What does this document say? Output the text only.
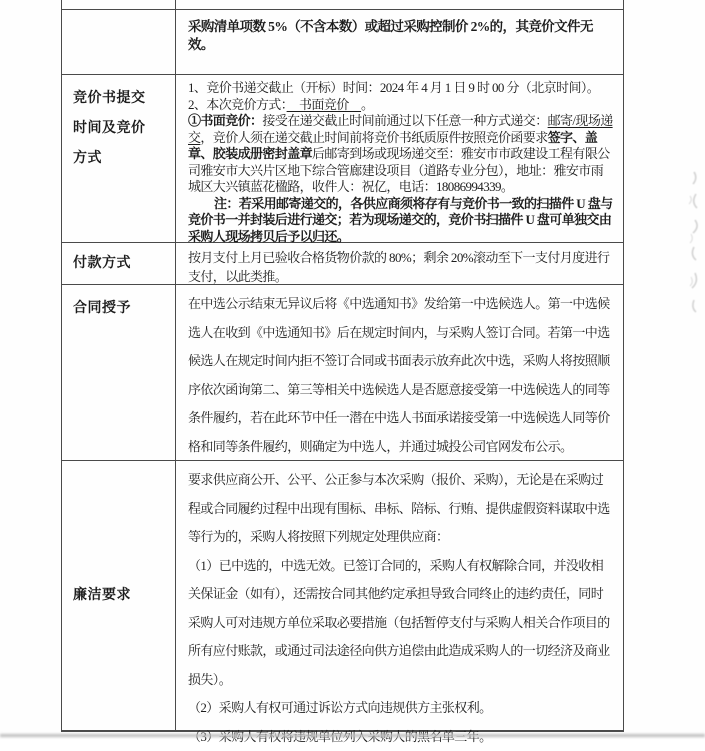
采购清单项数 5%（不含本数）或超过采购控制价 2%的，其竞价文件无效。

竞价书提交时间及竞价方式

1、竞价书递交截止（开标）时间：2024 年 4 月 1 日 9 时 00 分（北京时间）。

2、本次竞价方式：　书面竞价　。

①书面竞价：接受在递交截止时间前通过以下任意一种方式递交：邮寄/现场递交，竞价人须在递交截止时间前将竞价书纸质原件按照竞价函要求签字、盖章、胶装成册密封盖章后邮寄到场或现场递交至：雅安市市政建设工程有限公司雅安市大兴片区地下综合管廊建设项目（道路专业分包），地址：雅安市雨城区大兴镇蓝花楹路，收件人：祝亿，电话：18086994339。

注：若采用邮寄递交的，各供应商须将存有与竞价书一致的扫描件 U 盘与竞价书一并封装后进行递交；若为现场递交的，竞价书扫描件 U 盘可单独交由采购人现场拷贝后予以归还。

付款方式	按月支付上月已验收合格货物价款的 80%；剩余 20%滚动至下一支付月度进行支付，以此类推。

合同授予	在中选公示结束无异议后将《中选通知书》发给第一中选候选人。第一中选候选人在收到《中选通知书》后在规定时间内，与采购人签订合同。若第一中选候选人在规定时间内拒不签订合同或书面表示放弃此次中选，采购人将按照顺序依次函询第二、第三等相关中选候选人是否愿意接受第一中选候选人的同等条件履约，若在此环节中任一潜在中选人书面承诺接受第一中选候选人同等价格和同等条件履约，则确定为中选人，并通过城投公司官网发布公示。

廉洁要求

要求供应商公开、公平、公正参与本次采购（报价、采购），无论是在采购过程或合同履约过程中出现有围标、串标、陪标、行贿、提供虚假资料谋取中选等行为的，采购人将按照下列规定处理供应商：

（1）已中选的，中选无效。已签订合同的，采购人有权解除合同，并没收相关保证金（如有），还需按合同其他约定承担导致合同终止的违约责任，同时采购人可对违规方单位采取必要措施（包括暂停支付与采购人相关合作项目的所有应付账款，或通过司法途径向供方追偿由此造成采购人的一切经济及商业损失）。

（2）采购人有权可通过诉讼方式向违规供方主张权利。
